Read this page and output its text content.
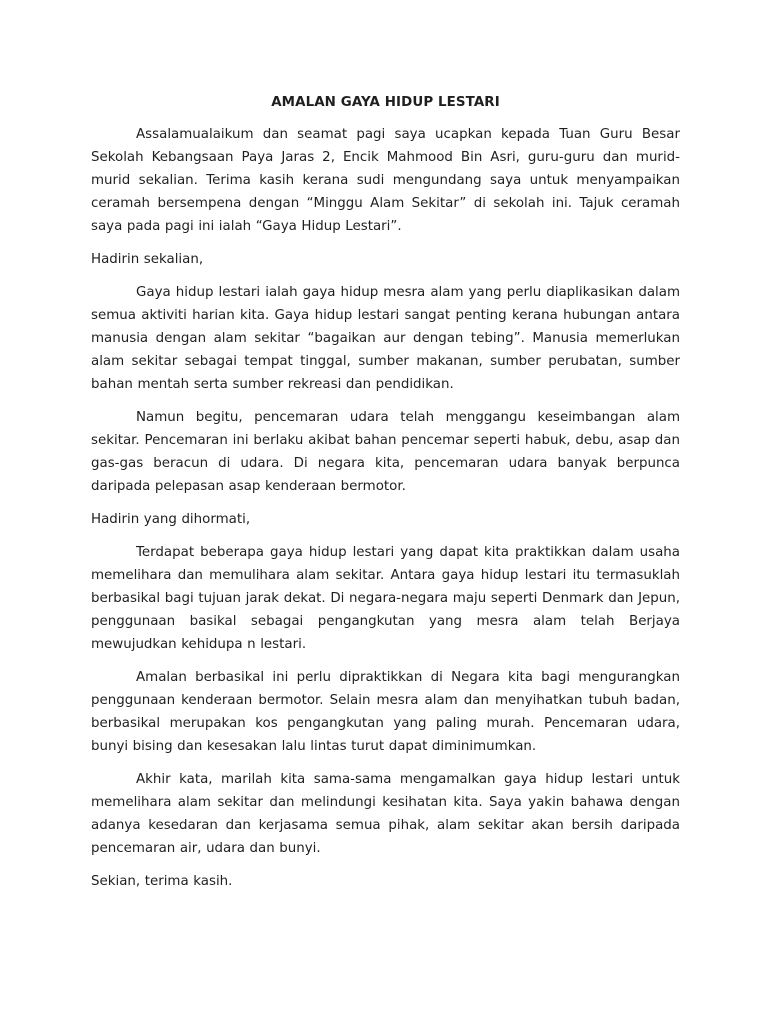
AMALAN GAYA HIDUP LESTARI

Assalamualaikum dan seamat pagi saya ucapkan kepada Tuan Guru Besar Sekolah Kebangsaan Paya Jaras 2, Encik Mahmood Bin Asri, guru-guru dan murid-murid sekalian. Terima kasih kerana sudi mengundang saya untuk menyampaikan ceramah bersempena dengan “Minggu Alam Sekitar” di sekolah ini. Tajuk ceramah saya pada pagi ini ialah “Gaya Hidup Lestari”.

Hadirin sekalian,

Gaya hidup lestari ialah gaya hidup mesra alam yang perlu diaplikasikan dalam semua aktiviti harian kita. Gaya hidup lestari sangat penting kerana hubungan antara manusia dengan alam sekitar “bagaikan aur dengan tebing”. Manusia memerlukan alam sekitar sebagai tempat tinggal, sumber makanan, sumber perubatan, sumber bahan mentah serta sumber rekreasi dan pendidikan.

Namun begitu, pencemaran udara telah menggangu keseimbangan alam sekitar. Pencemaran ini berlaku akibat bahan pencemar seperti habuk, debu, asap dan gas-gas beracun di udara. Di negara kita, pencemaran udara banyak berpunca daripada pelepasan asap kenderaan bermotor.

Hadirin yang dihormati,

Terdapat beberapa gaya hidup lestari yang dapat kita praktikkan dalam usaha memelihara dan memulihara alam sekitar. Antara gaya hidup lestari itu termasuklah berbasikal bagi tujuan jarak dekat. Di negara-negara maju seperti Denmark dan Jepun, penggunaan basikal sebagai pengangkutan yang mesra alam telah Berjaya mewujudkan kehidupa n lestari.

Amalan berbasikal ini perlu dipraktikkan di Negara kita bagi mengurangkan penggunaan kenderaan bermotor. Selain mesra alam dan menyihatkan tubuh badan, berbasikal merupakan kos pengangkutan yang paling murah. Pencemaran udara, bunyi bising dan kesesakan lalu lintas turut dapat diminimumkan.

Akhir kata, marilah kita sama-sama mengamalkan gaya hidup lestari untuk memelihara alam sekitar dan melindungi kesihatan kita. Saya yakin bahawa dengan adanya kesedaran dan kerjasama semua pihak, alam sekitar akan bersih daripada pencemaran air, udara dan bunyi.

Sekian, terima kasih.
